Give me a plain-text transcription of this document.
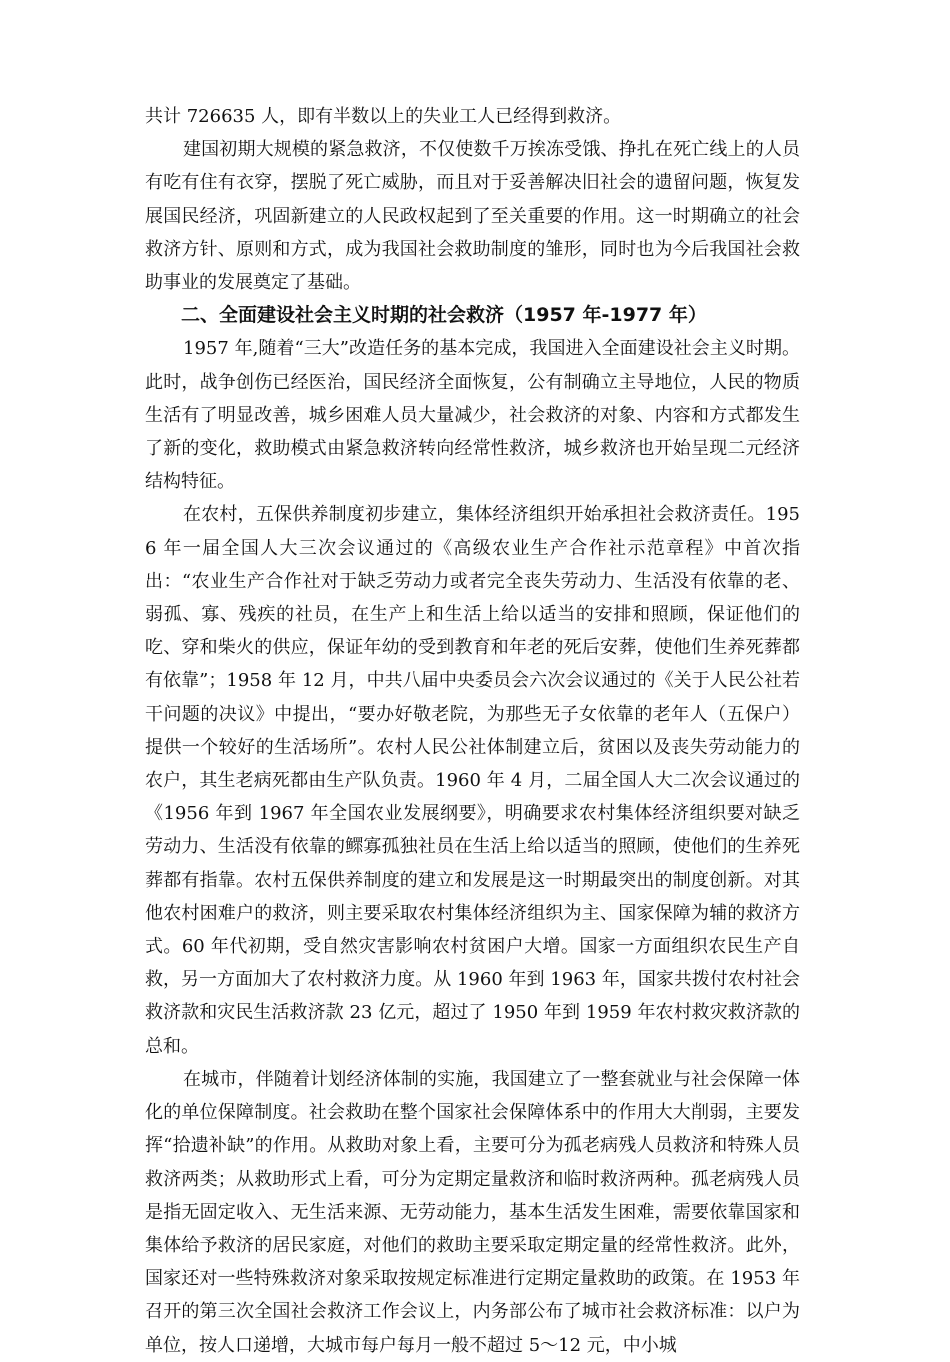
共计 726635 人，即有半数以上的失业工人已经得到救济。

建国初期大规模的紧急救济，不仅使数千万挨冻受饿、挣扎在死亡线上的人员有吃有住有衣穿，摆脱了死亡威胁，而且对于妥善解决旧社会的遗留问题，恢复发展国民经济，巩固新建立的人民政权起到了至关重要的作用。这一时期确立的社会救济方针、原则和方式，成为我国社会救助制度的雏形，同时也为今后我国社会救助事业的发展奠定了基础。

二、全面建设社会主义时期的社会救济（1957 年-1977 年）

1957 年,随着“三大”改造任务的基本完成，我国进入全面建设社会主义时期。此时，战争创伤已经医治，国民经济全面恢复，公有制确立主导地位，人民的物质生活有了明显改善，城乡困难人员大量减少，社会救济的对象、内容和方式都发生了新的变化，救助模式由紧急救济转向经常性救济，城乡救济也开始呈现二元经济结构特征。

在农村，五保供养制度初步建立，集体经济组织开始承担社会救济责任。1956 年一届全国人大三次会议通过的《高级农业生产合作社示范章程》中首次指出：“农业生产合作社对于缺乏劳动力或者完全丧失劳动力、生活没有依靠的老、弱孤、寡、残疾的社员，在生产上和生活上给以适当的安排和照顾，保证他们的吃、穿和柴火的供应，保证年幼的受到教育和年老的死后安葬，使他们生养死葬都有依靠”；1958 年 12 月，中共八届中央委员会六次会议通过的《关于人民公社若干问题的决议》中提出，“要办好敬老院，为那些无子女依靠的老年人（五保户）提供一个较好的生活场所”。农村人民公社体制建立后，贫困以及丧失劳动能力的农户，其生老病死都由生产队负责。1960 年 4 月，二届全国人大二次会议通过的《1956 年到 1967 年全国农业发展纲要》，明确要求农村集体经济组织要对缺乏劳动力、生活没有依靠的鳏寡孤独社员在生活上给以适当的照顾，使他们的生养死葬都有指靠。农村五保供养制度的建立和发展是这一时期最突出的制度创新。对其他农村困难户的救济，则主要采取农村集体经济组织为主、国家保障为辅的救济方式。60 年代初期，受自然灾害影响农村贫困户大增。国家一方面组织农民生产自救，另一方面加大了农村救济力度。从 1960 年到 1963 年，国家共拨付农村社会救济款和灾民生活救济款 23 亿元，超过了 1950 年到 1959 年农村救灾救济款的总和。

在城市，伴随着计划经济体制的实施，我国建立了一整套就业与社会保障一体化的单位保障制度。社会救助在整个国家社会保障体系中的作用大大削弱，主要发挥“拾遗补缺”的作用。从救助对象上看，主要可分为孤老病残人员救济和特殊人员救济两类；从救助形式上看，可分为定期定量救济和临时救济两种。孤老病残人员是指无固定收入、无生活来源、无劳动能力，基本生活发生困难，需要依靠国家和集体给予救济的居民家庭，对他们的救助主要采取定期定量的经常性救济。此外，国家还对一些特殊救济对象采取按规定标准进行定期定量救助的政策。在 1953 年召开的第三次全国社会救济工作会议上，内务部公布了城市社会救济标准：以户为单位，按人口递增，大城市每户每月一般不超过 5～12 元，中小城
